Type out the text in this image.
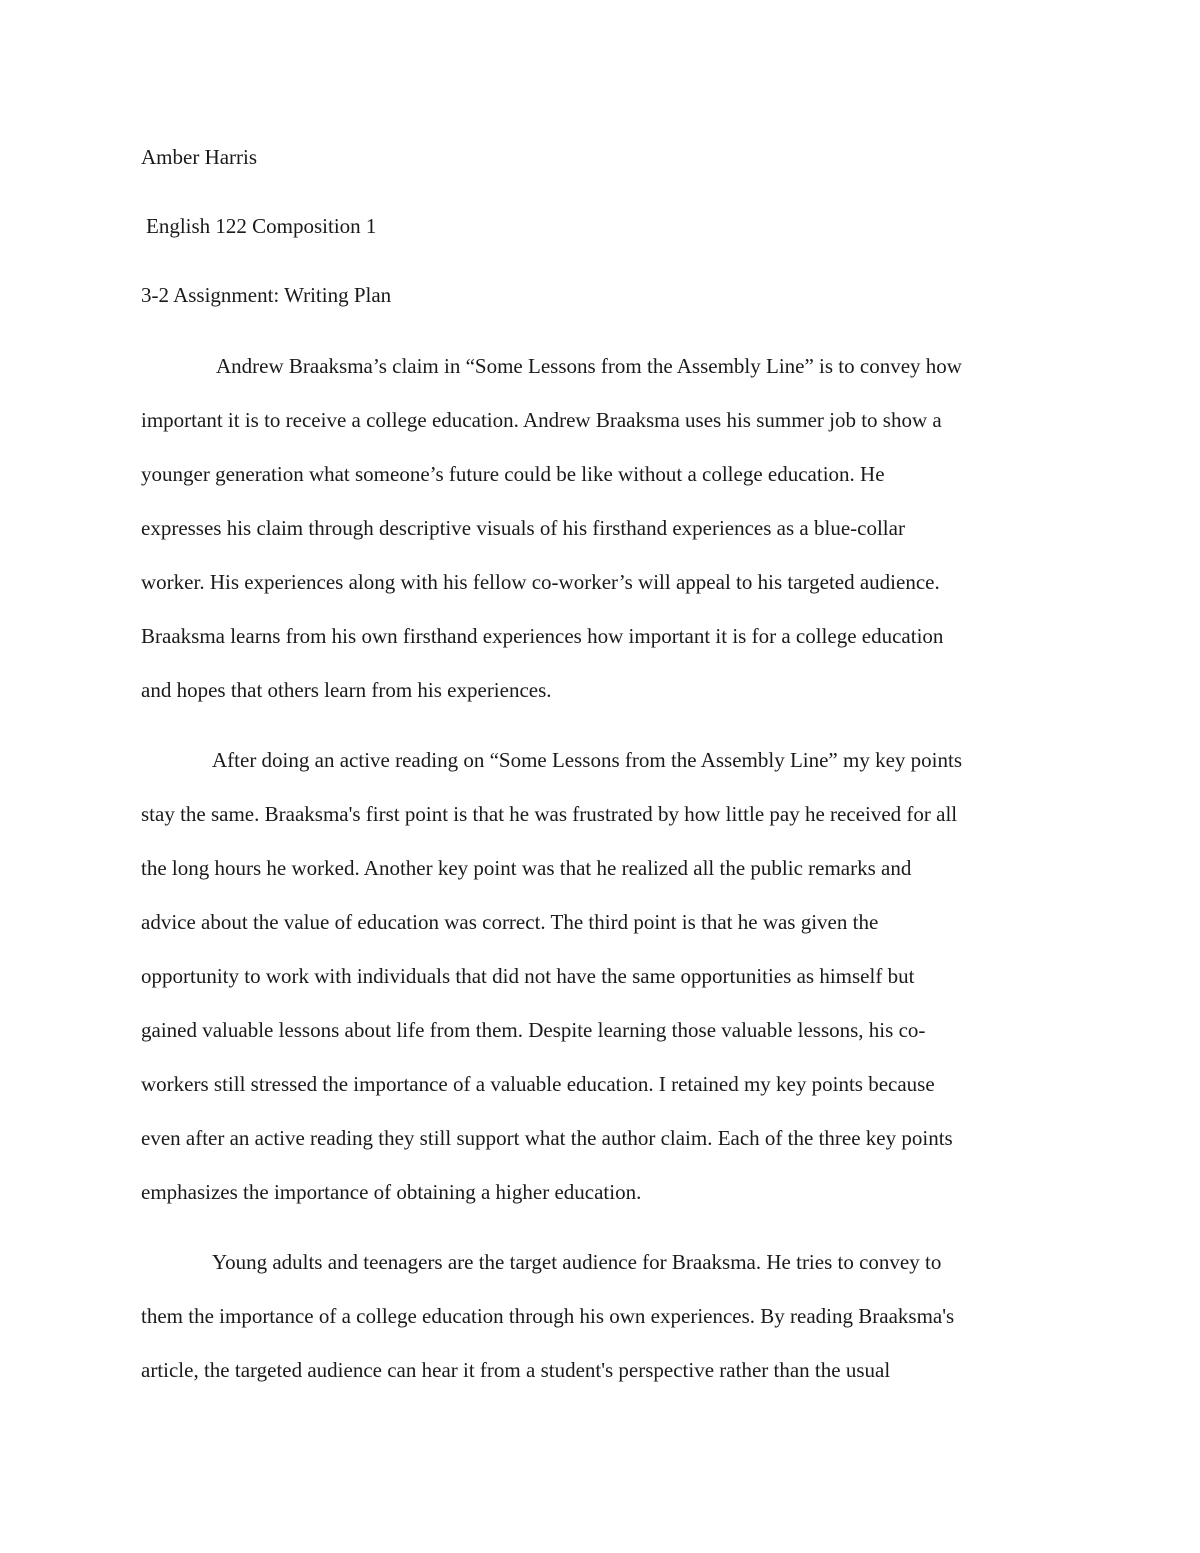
Amber Harris
English 122 Composition 1
3-2 Assignment: Writing Plan
Andrew Braaksma’s claim in “Some Lessons from the Assembly Line” is to convey how
important it is to receive a college education. Andrew Braaksma uses his summer job to show a
younger generation what someone’s future could be like without a college education. He
expresses his claim through descriptive visuals of his firsthand experiences as a blue-collar
worker. His experiences along with his fellow co-worker’s will appeal to his targeted audience.
Braaksma learns from his own firsthand experiences how important it is for a college education
and hopes that others learn from his experiences.
After doing an active reading on “Some Lessons from the Assembly Line” my key points
stay the same. Braaksma's first point is that he was frustrated by how little pay he received for all
the long hours he worked. Another key point was that he realized all the public remarks and
advice about the value of education was correct. The third point is that he was given the
opportunity to work with individuals that did not have the same opportunities as himself but
gained valuable lessons about life from them. Despite learning those valuable lessons, his co-
workers still stressed the importance of a valuable education. I retained my key points because
even after an active reading they still support what the author claim. Each of the three key points
emphasizes the importance of obtaining a higher education.
Young adults and teenagers are the target audience for Braaksma. He tries to convey to
them the importance of a college education through his own experiences. By reading Braaksma's
article, the targeted audience can hear it from a student's perspective rather than the usual
